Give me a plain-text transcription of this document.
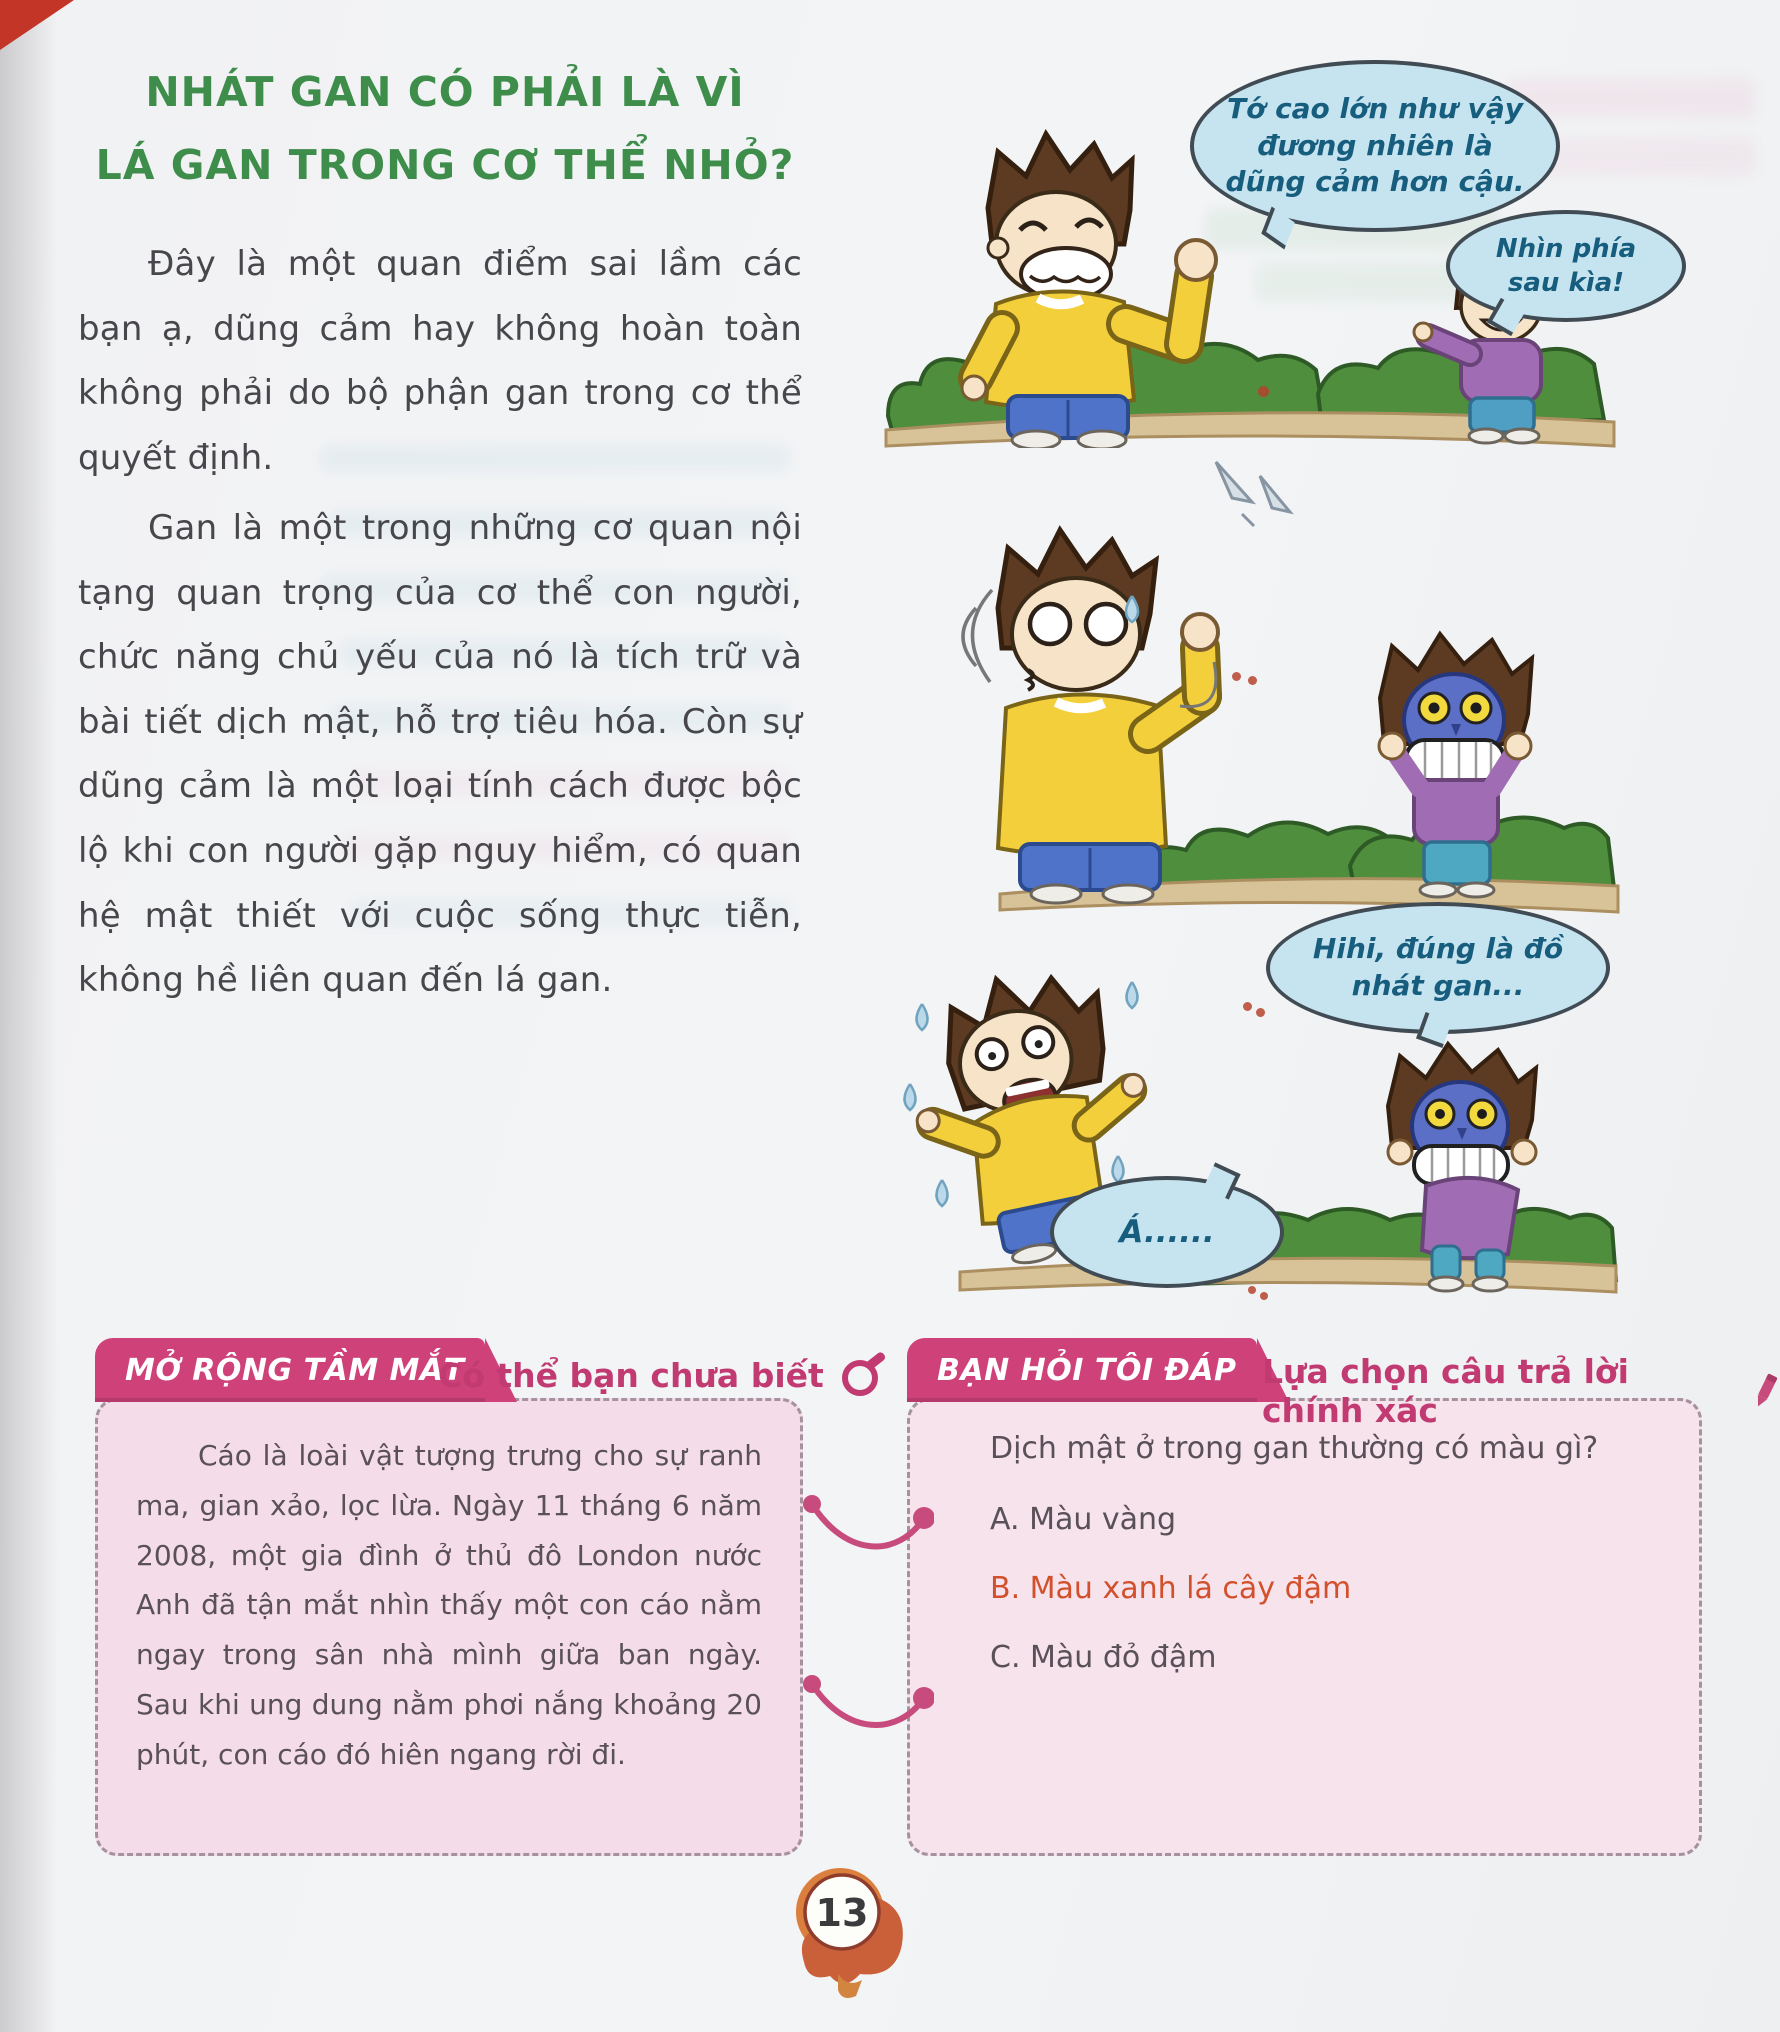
NHÁT GAN CÓ PHẢI LÀ VÌ
LÁ GAN TRONG CƠ THỂ NHỎ?
Đây là một quan điểm sai lầm các bạn ạ, dũng cảm hay không hoàn toàn không phải do bộ phận gan trong cơ thể quyết định.
Gan là một trong những cơ quan nội tạng quan trọng của cơ thể con người, chức năng chủ yếu của nó là tích trữ và bài tiết dịch mật, hỗ trợ tiêu hóa. Còn sự dũng cảm là một loại tính cách được bộc lộ khi con người gặp nguy hiểm, có quan hệ mật thiết với cuộc sống thực tiễn, không hề liên quan đến lá gan.
Tớ cao lớn như vậy đương nhiên là dũng cảm hơn cậu.
Nhìn phía sau kìa!
Hihi, đúng là đồ nhát gan...
Á......
MỞ RỘNG TẦM MẮT
Có thể bạn chưa biết
Cáo là loài vật tượng trưng cho sự ranh ma, gian xảo, lọc lừa. Ngày 11 tháng 6 năm 2008, một gia đình ở thủ đô London nước Anh đã tận mắt nhìn thấy một con cáo nằm ngay trong sân nhà mình giữa ban ngày. Sau khi ung dung nằm phơi nắng khoảng 20 phút, con cáo đó hiên ngang rời đi.
BẠN HỎI TÔI ĐÁP Lựa chọn câu trả lời chính xác
Dịch mật ở trong gan thường có màu gì?
A. Màu vàng
B. Màu xanh lá cây đậm
C. Màu đỏ đậm
13
